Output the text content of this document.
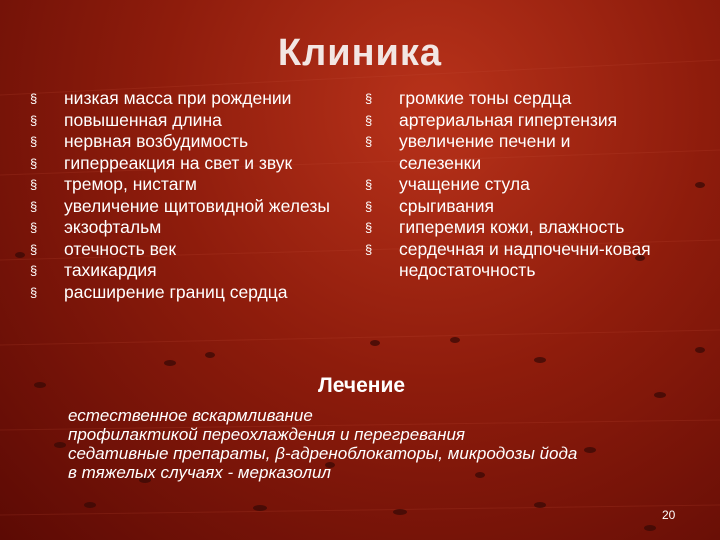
Клиника
§ низкая масса при рождении
§ повышенная длина
§ нервная возбудимость
§ гиперреакция на свет и звук
§ тремор, нистагм
§ увеличение щитовидной железы
§ экзофтальм
§ отечность век
§ тахикардия
§ расширение границ сердца
§ громкие тоны сердца
§ артериальная гипертензия
§ увеличение печени и селезенки
§ учащение стула
§ срыгивания
§ гиперемия кожи, влажность
§ сердечная и надпочечни-ковая недостаточность
Лечение
естественное вскармливание
профилактикой переохлаждения и перегревания
седативные препараты, β-адреноблокаторы, микродозы йода
в тяжелых случаях - мерказолил
20
